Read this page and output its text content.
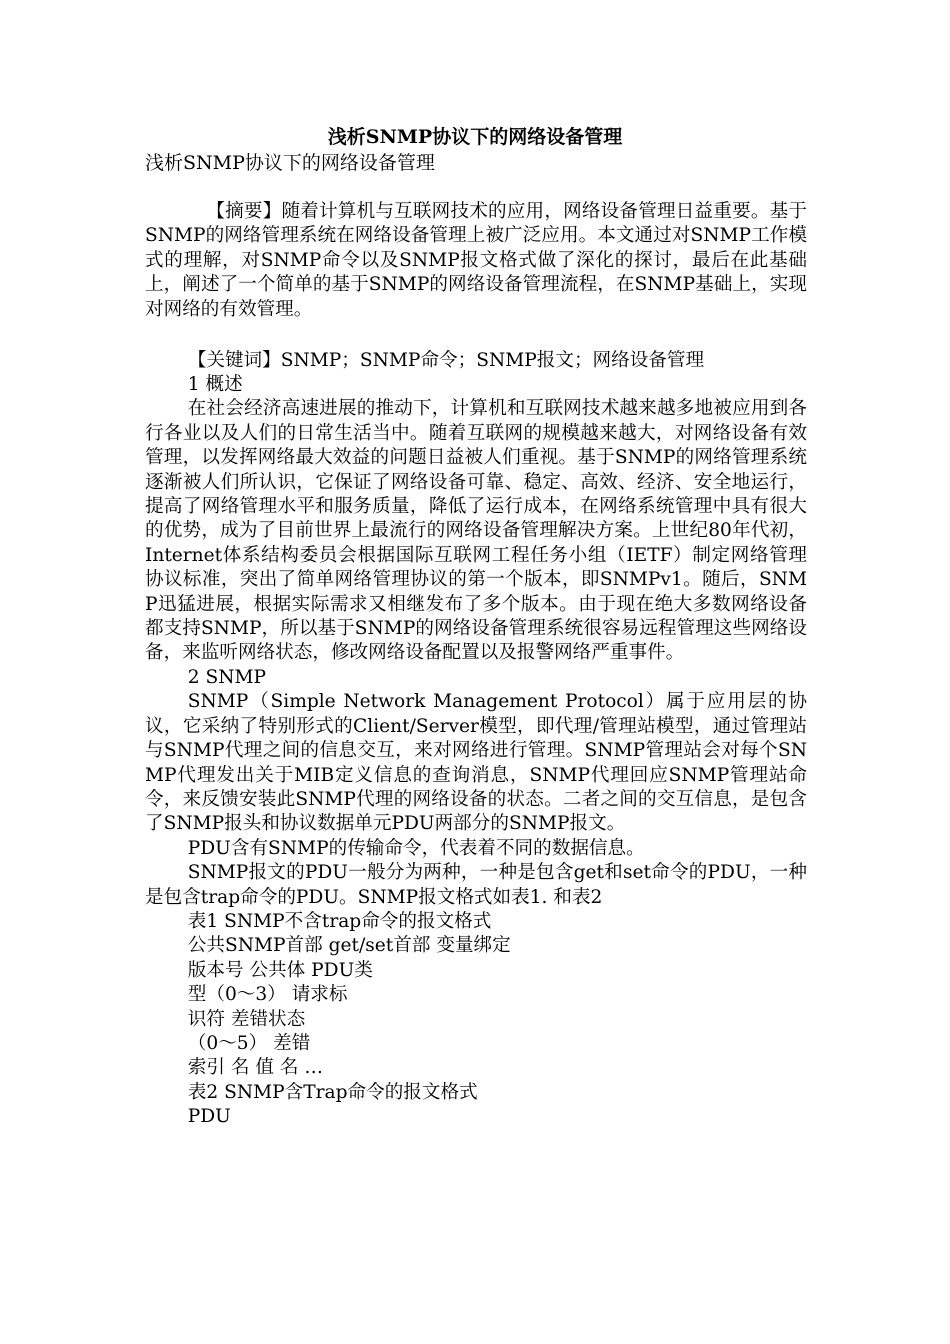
浅析SNMP协议下的网络设备管理
浅析SNMP协议下的网络设备管理

【摘要】随着计算机与互联网技术的应用，网络设备管理日益重要。基于SNMP的网络管理系统在网络设备管理上被广泛应用。本文通过对SNMP工作模式的理解，对SNMP命令以及SNMP报文格式做了深化的探讨，最后在此基础上，阐述了一个简单的基于SNMP的网络设备管理流程，在SNMP基础上，实现对网络的有效管理。

【关键词】SNMP；SNMP命令；SNMP报文；网络设备管理

1 概述

在社会经济高速进展的推动下，计算机和互联网技术越来越多地被应用到各行各业以及人们的日常生活当中。随着互联网的规模越来越大，对网络设备有效管理，以发挥网络最大效益的问题日益被人们重视。基于SNMP的网络管理系统逐渐被人们所认识，它保证了网络设备可靠、稳定、高效、经济、安全地运行，提高了网络管理水平和服务质量，降低了运行成本，在网络系统管理中具有很大的优势，成为了目前世界上最流行的网络设备管理解决方案。上世纪80年代初，Internet体系结构委员会根据国际互联网工程任务小组（IETF）制定网络管理协议标准，突出了简单网络管理协议的第一个版本，即SNMPv1。随后，SNMP迅猛进展，根据实际需求又相继发布了多个版本。由于现在绝大多数网络设备都支持SNMP，所以基于SNMP的网络设备管理系统很容易远程管理这些网络设备，来监听网络状态，修改网络设备配置以及报警网络严重事件。

2 SNMP

SNMP（Simple Network Management Protocol）属于应用层的协议，它采纳了特别形式的Client/Server模型，即代理/管理站模型，通过管理站与SNMP代理之间的信息交互，来对网络进行管理。SNMP管理站会对每个SNMP代理发出关于MIB定义信息的查询消息，SNMP代理回应SNMP管理站命令，来反馈安装此SNMP代理的网络设备的状态。二者之间的交互信息，是包含了SNMP报头和协议数据单元PDU两部分的SNMP报文。

PDU含有SNMP的传输命令，代表着不同的数据信息。

SNMP报文的PDU一般分为两种，一种是包含get和set命令的PDU，一种是包含trap命令的PDU。SNMP报文格式如表1. 和表2

表1 SNMP不含trap命令的报文格式

公共SNMP首部 get/set首部 变量绑定

版本号 公共体 PDU类

型（0～3） 请求标

识符 差错状态

（0～5） 差错

索引 名 值 名 …

表2 SNMP含Trap命令的报文格式

PDU
